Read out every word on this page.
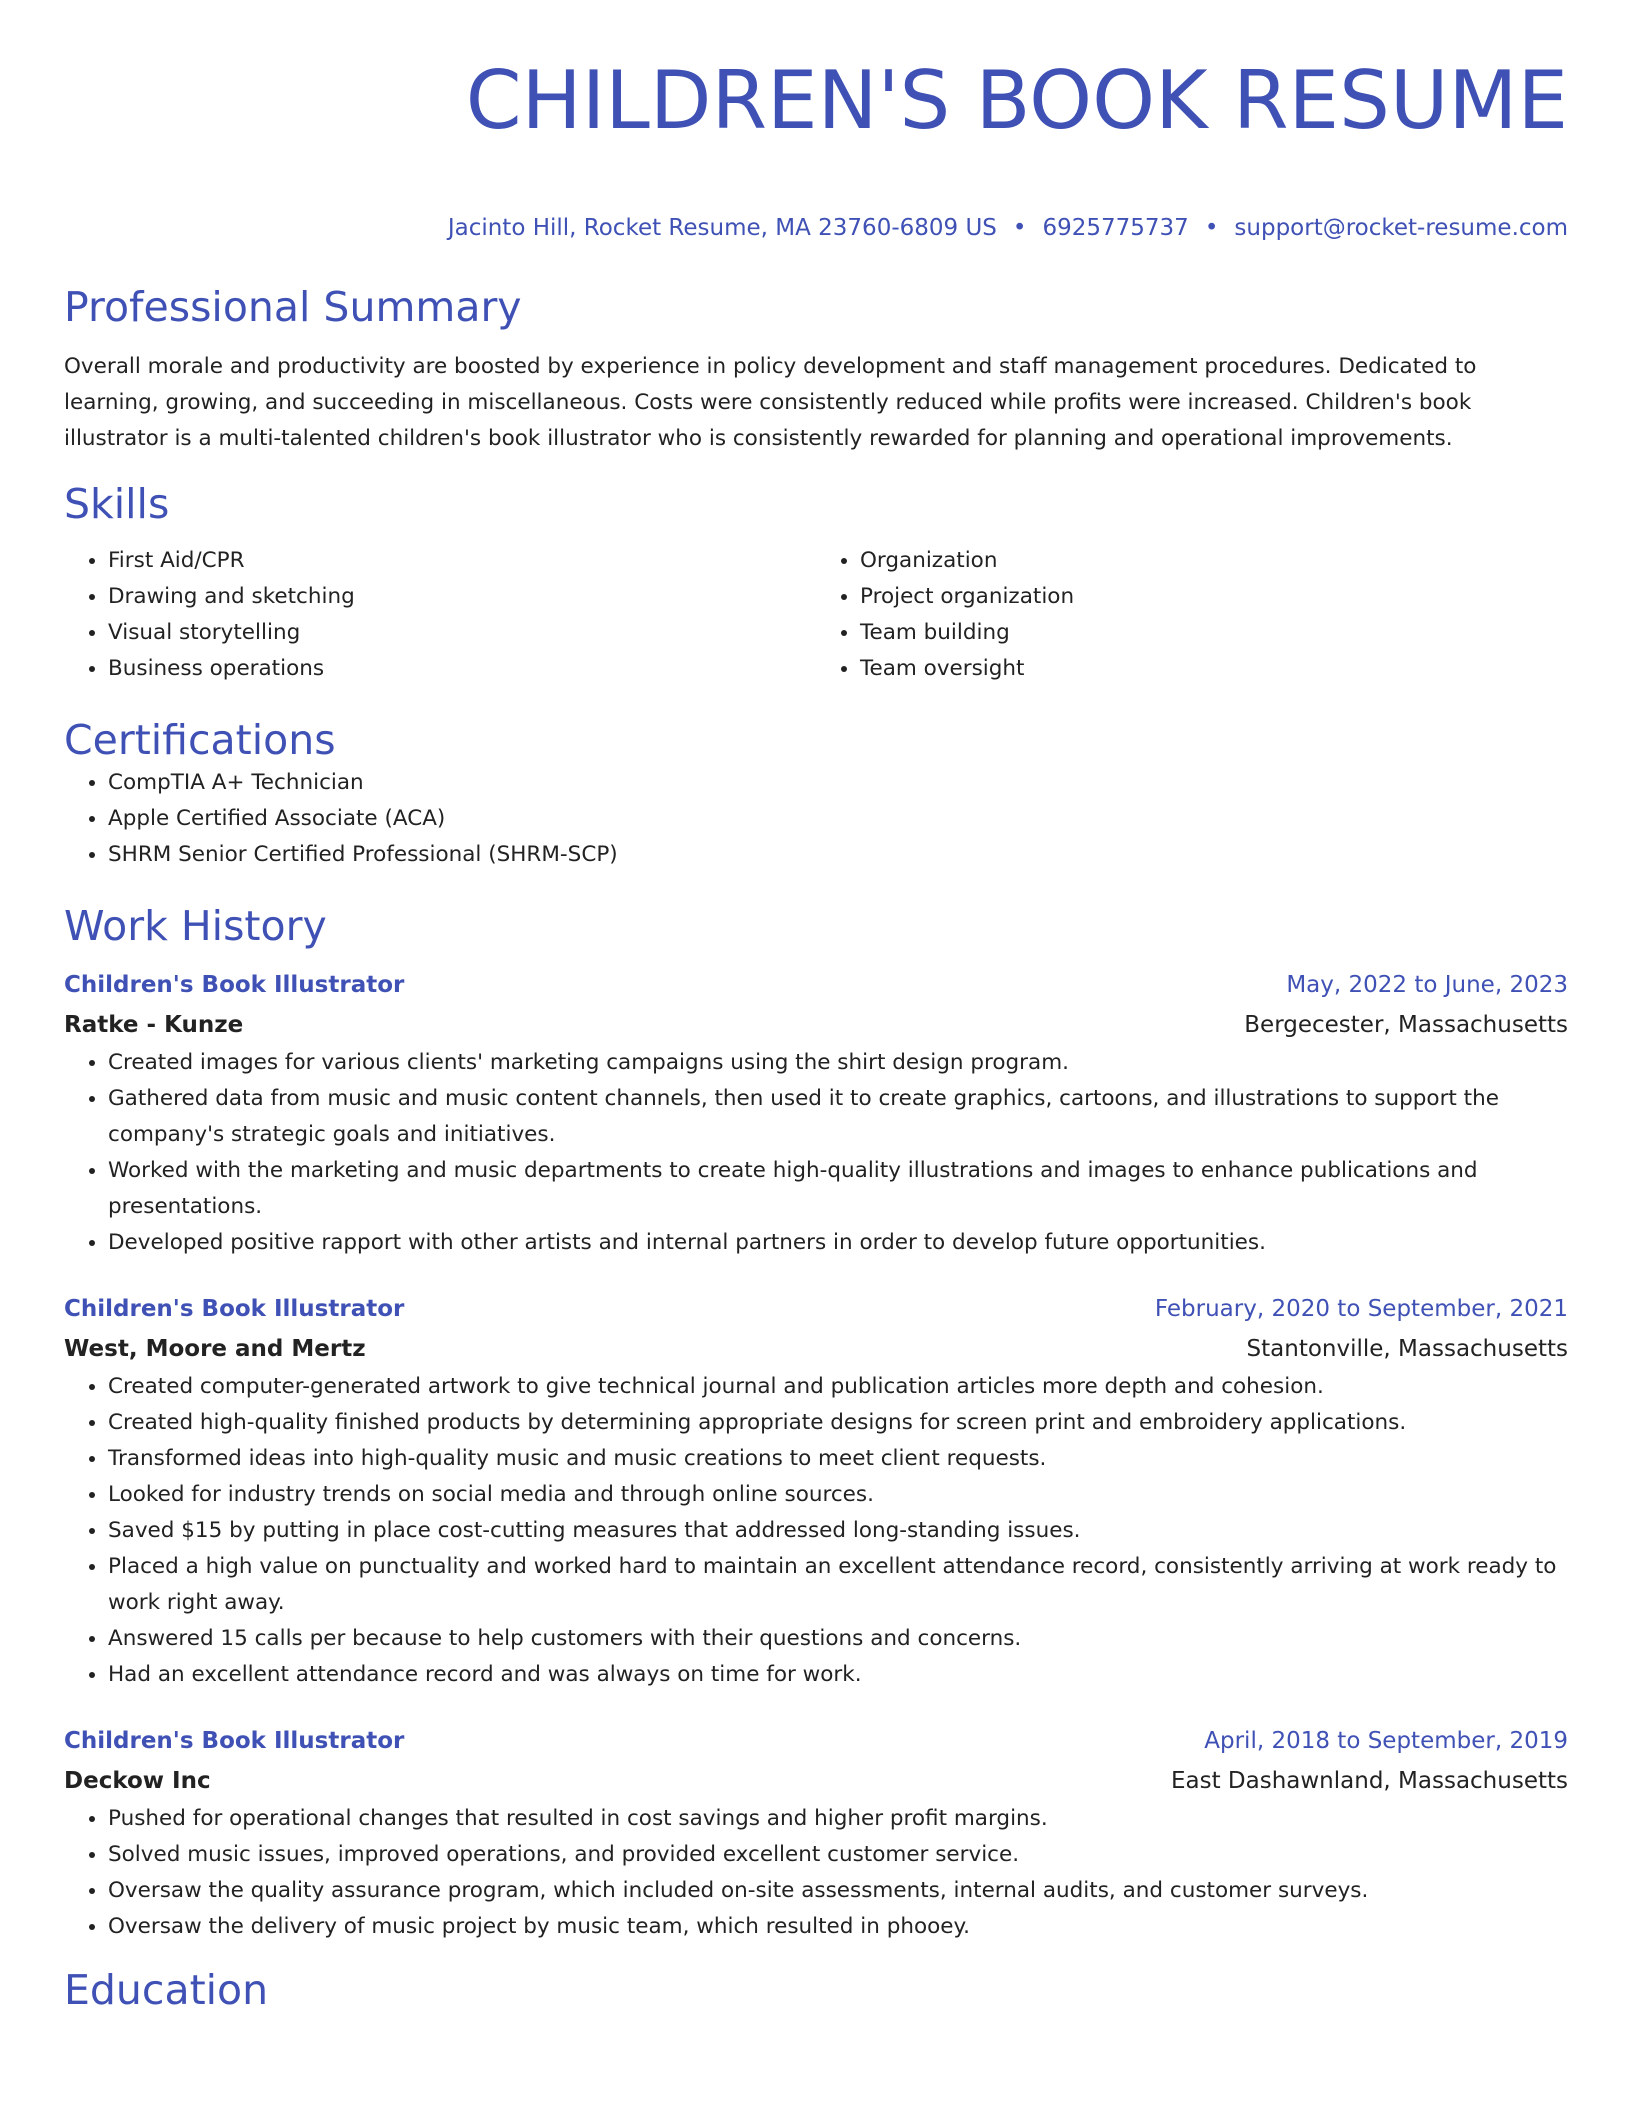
CHILDREN'S BOOK RESUME
Jacinto Hill, Rocket Resume, MA 23760-6809 US • 6925775737 • support@rocket-resume.com
Professional Summary

Overall morale and productivity are boosted by experience in policy development and staff management procedures. Dedicated to learning, growing, and succeeding in miscellaneous. Costs were consistently reduced while profits were increased. Children's book illustrator is a multi-talented children's book illustrator who is consistently rewarded for planning and operational improvements.

Skills
• First Aid/CPR
• Drawing and sketching
• Visual storytelling
• Business operations
• Organization
• Project organization
• Team building
• Team oversight
Certifications
• CompTIA A+ Technician
• Apple Certified Associate (ACA)
• SHRM Senior Certified Professional (SHRM-SCP)
Work History
Children's Book Illustrator	May, 2022 to June, 2023
Ratke - Kunze	Bergecester, Massachusetts
• Created images for various clients' marketing campaigns using the shirt design program.
• Gathered data from music and music content channels, then used it to create graphics, cartoons, and illustrations to support the company's strategic goals and initiatives.
• Worked with the marketing and music departments to create high-quality illustrations and images to enhance publications and presentations.
• Developed positive rapport with other artists and internal partners in order to develop future opportunities.
Children's Book Illustrator	February, 2020 to September, 2021
West, Moore and Mertz	Stantonville, Massachusetts
• Created computer-generated artwork to give technical journal and publication articles more depth and cohesion.
• Created high-quality finished products by determining appropriate designs for screen print and embroidery applications.
• Transformed ideas into high-quality music and music creations to meet client requests.
• Looked for industry trends on social media and through online sources.
• Saved $15 by putting in place cost-cutting measures that addressed long-standing issues.
• Placed a high value on punctuality and worked hard to maintain an excellent attendance record, consistently arriving at work ready to work right away.
• Answered 15 calls per because to help customers with their questions and concerns.
• Had an excellent attendance record and was always on time for work.
Children's Book Illustrator	April, 2018 to September, 2019
Deckow Inc	East Dashawnland, Massachusetts
• Pushed for operational changes that resulted in cost savings and higher profit margins.
• Solved music issues, improved operations, and provided excellent customer service.
• Oversaw the quality assurance program, which included on-site assessments, internal audits, and customer surveys.
• Oversaw the delivery of music project by music team, which resulted in phooey.
Education
